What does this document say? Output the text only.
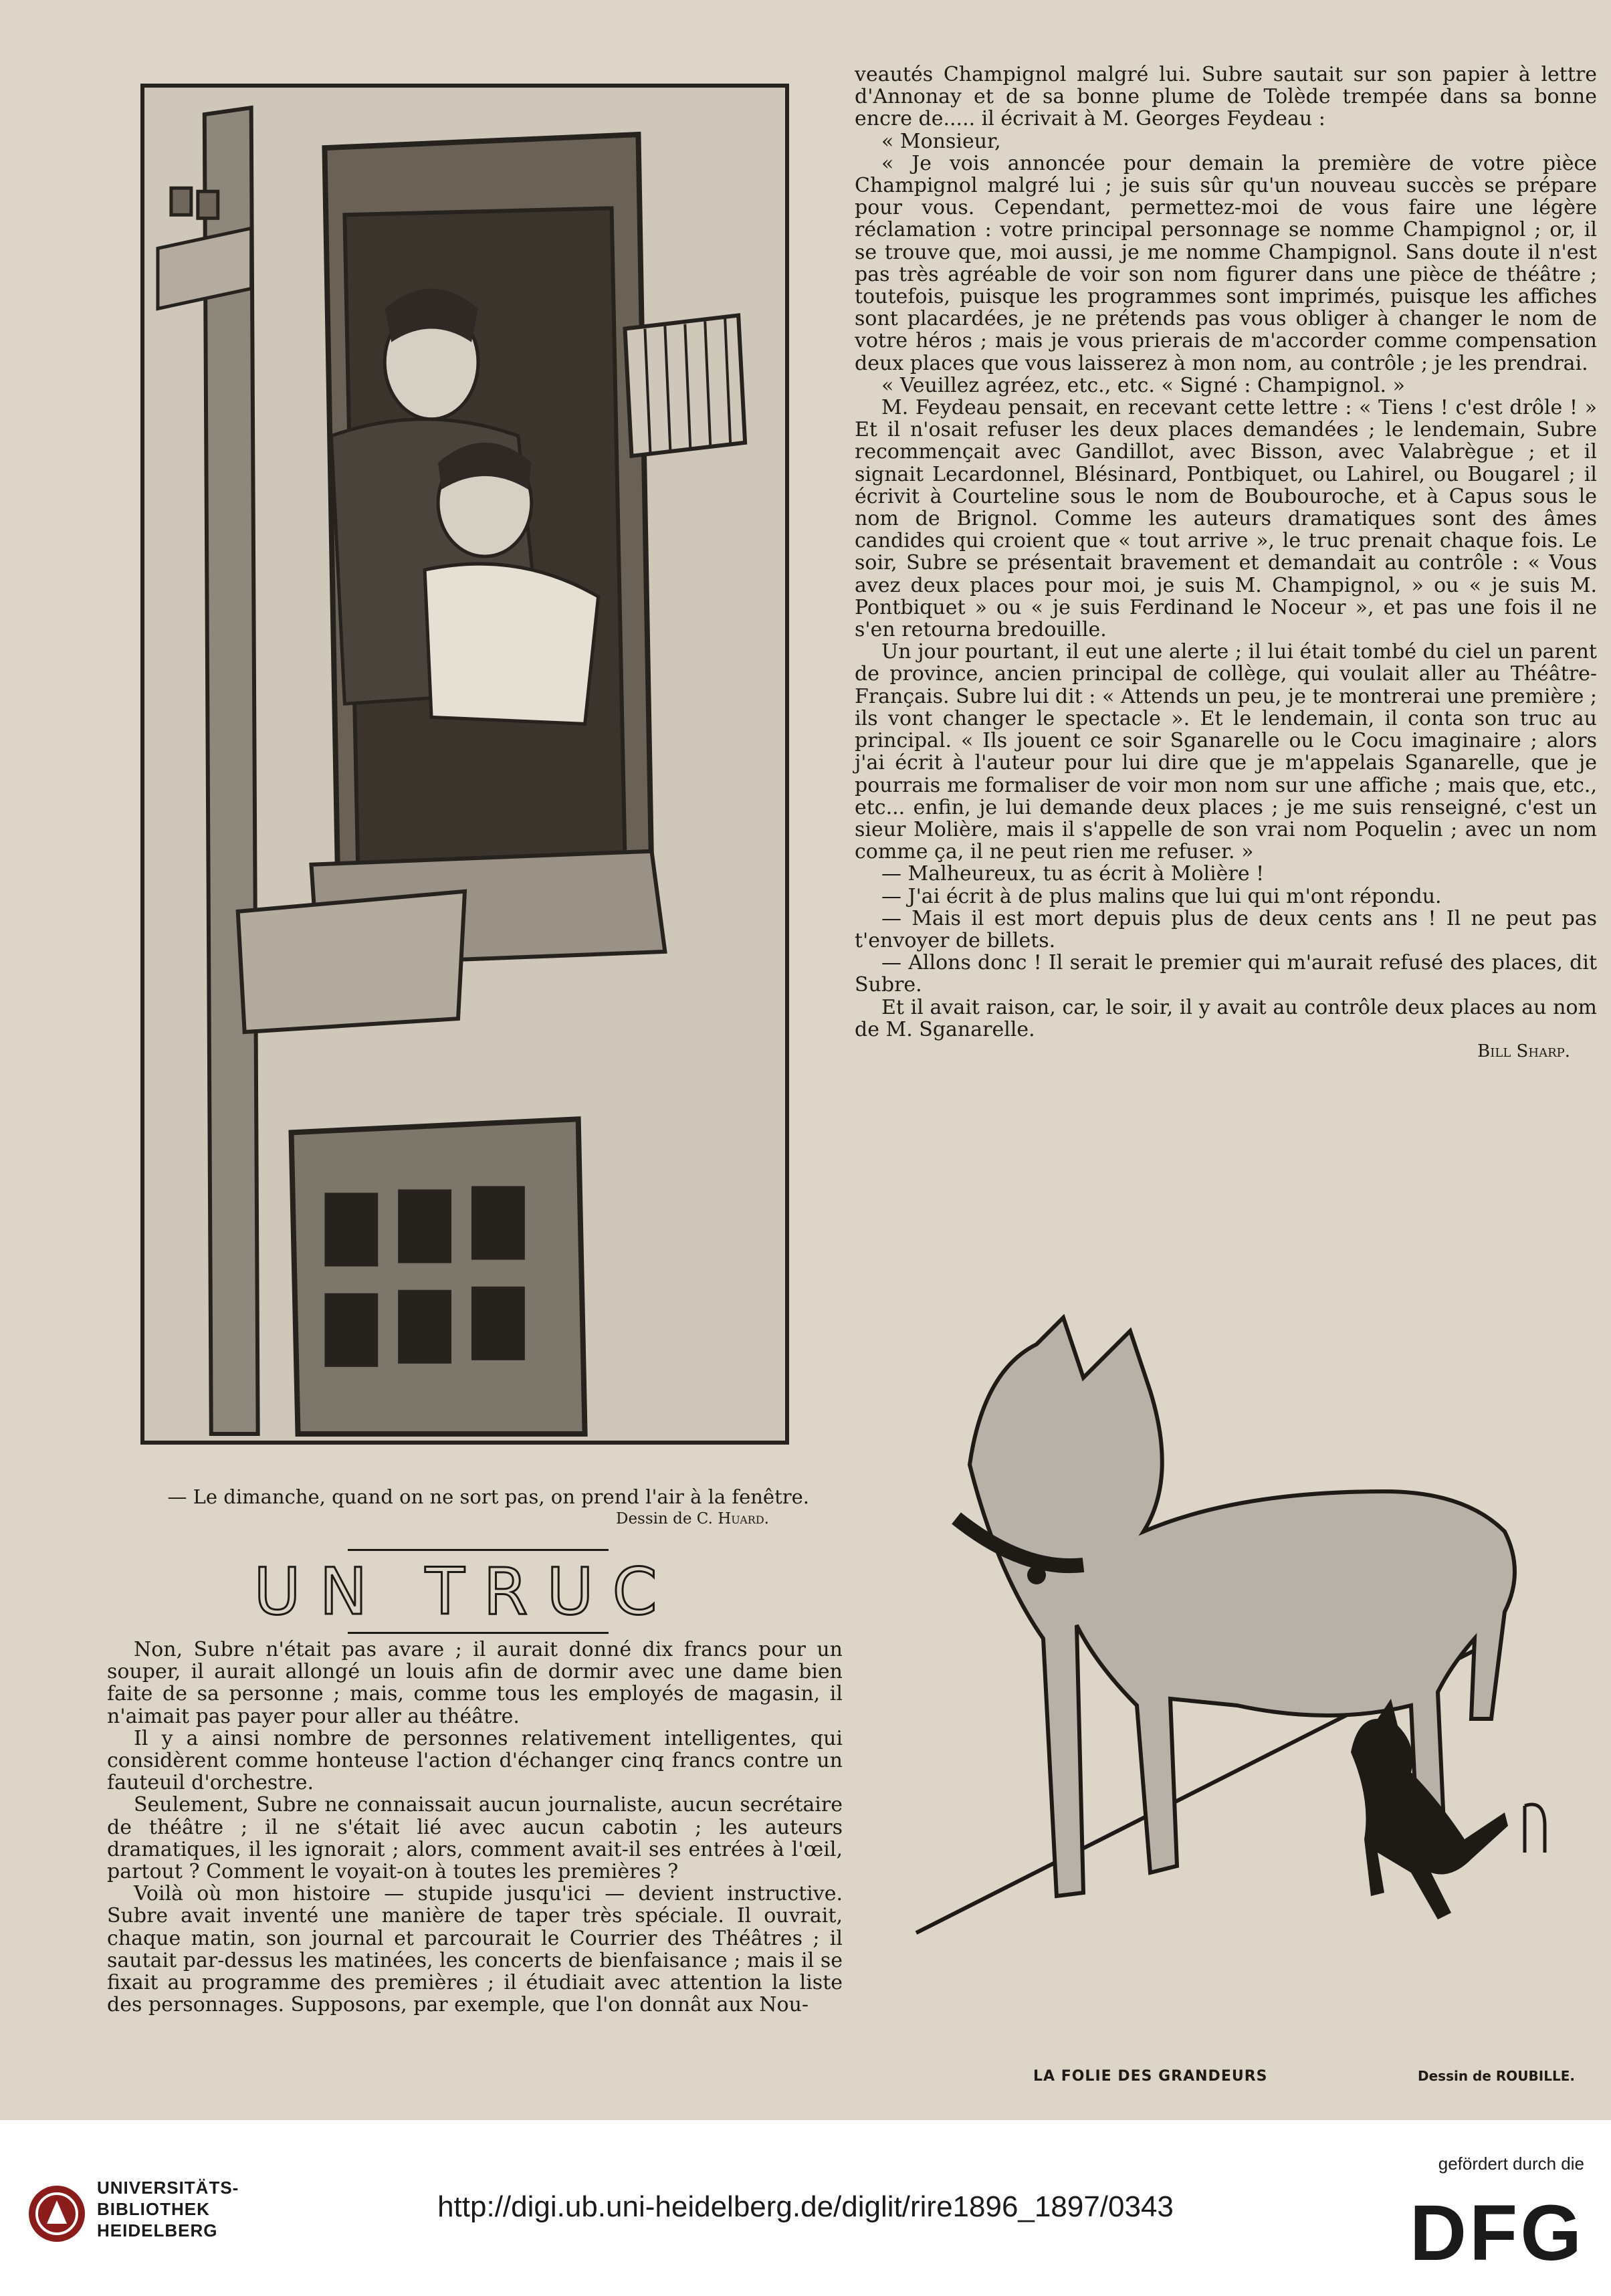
— Le dimanche, quand on ne sort pas, on prend l'air à la fenêtre.
Dessin de C. Huard.
UN TRUC

Non, Subre n'était pas avare ; il aurait donné dix francs pour un souper, il aurait allongé un louis afin de dormir avec une dame bien faite de sa personne ; mais, comme tous les employés de magasin, il n'aimait pas payer pour aller au théâtre.

Il y a ainsi nombre de personnes relativement intelligentes, qui considèrent comme honteuse l'action d'échanger cinq francs contre un fauteuil d'orchestre.

Seulement, Subre ne connaissait aucun journaliste, aucun secrétaire de théâtre ; il ne s'était lié avec aucun cabotin ; les auteurs dramatiques, il les ignorait ; alors, comment avait-il ses entrées à l'œil, partout ? Comment le voyait-on à toutes les premières ?

Voilà où mon histoire — stupide jusqu'ici — devient instructive. Subre avait inventé une manière de taper très spéciale. Il ouvrait, chaque matin, son journal et parcourait le Courrier des Théâtres ; il sautait par-dessus les matinées, les concerts de bienfaisance ; mais il se fixait au programme des premières ; il étudiait avec attention la liste des personnages. Supposons, par exemple, que l'on donnât aux Nou-

veautés Champignol malgré lui. Subre sautait sur son papier à lettre d'Annonay et de sa bonne plume de Tolède trempée dans sa bonne encre de..... il écrivait à M. Georges Feydeau :

« Monsieur,

« Je vois annoncée pour demain la première de votre pièce Champignol malgré lui ; je suis sûr qu'un nouveau succès se prépare pour vous. Cependant, permettez-moi de vous faire une légère réclamation : votre principal personnage se nomme Champignol ; or, il se trouve que, moi aussi, je me nomme Champignol. Sans doute il n'est pas très agréable de voir son nom figurer dans une pièce de théâtre ; toutefois, puisque les programmes sont imprimés, puisque les affiches sont placardées, je ne prétends pas vous obliger à changer le nom de votre héros ; mais je vous prierais de m'accorder comme compensation deux places que vous laisserez à mon nom, au contrôle ; je les prendrai.

« Veuillez agréez, etc., etc. « Signé : Champignol. »

M. Feydeau pensait, en recevant cette lettre : « Tiens ! c'est drôle ! » Et il n'osait refuser les deux places demandées ; le lendemain, Subre recommençait avec Gandillot, avec Bisson, avec Valabrègue ; et il signait Lecardonnel, Blésinard, Pontbiquet, ou Lahirel, ou Bougarel ; il écrivit à Courteline sous le nom de Boubouroche, et à Capus sous le nom de Brignol. Comme les auteurs dramatiques sont des âmes candides qui croient que « tout arrive », le truc prenait chaque fois. Le soir, Subre se présentait bravement et demandait au contrôle : « Vous avez deux places pour moi, je suis M. Champignol, » ou « je suis M. Pontbiquet » ou « je suis Ferdinand le Noceur », et pas une fois il ne s'en retourna bredouille.

Un jour pourtant, il eut une alerte ; il lui était tombé du ciel un parent de province, ancien principal de collège, qui voulait aller au Théâtre-Français. Subre lui dit : « Attends un peu, je te montrerai une première ; ils vont changer le spectacle ». Et le lendemain, il conta son truc au principal. « Ils jouent ce soir Sganarelle ou le Cocu imaginaire ; alors j'ai écrit à l'auteur pour lui dire que je m'appelais Sganarelle, que je pourrais me formaliser de voir mon nom sur une affiche ; mais que, etc., etc... enfin, je lui demande deux places ; je me suis renseigné, c'est un sieur Molière, mais il s'appelle de son vrai nom Poquelin ; avec un nom comme ça, il ne peut rien me refuser. »

— Malheureux, tu as écrit à Molière !

— J'ai écrit à de plus malins que lui qui m'ont répondu.

— Mais il est mort depuis plus de deux cents ans ! Il ne peut pas t'envoyer de billets.

— Allons donc ! Il serait le premier qui m'aurait refusé des places, dit Subre.

Et il avait raison, car, le soir, il y avait au contrôle deux places au nom de M. Sganarelle.

Bill Sharp.
LA FOLIE DES GRANDEURS	Dessin de ROUBILLE.
UNIVERSITÄTS-
BIBLIOTHEK
HEIDELBERG
http://digi.ub.uni-heidelberg.de/diglit/rire1896_1897/0343
gefördert durch die
DFG
